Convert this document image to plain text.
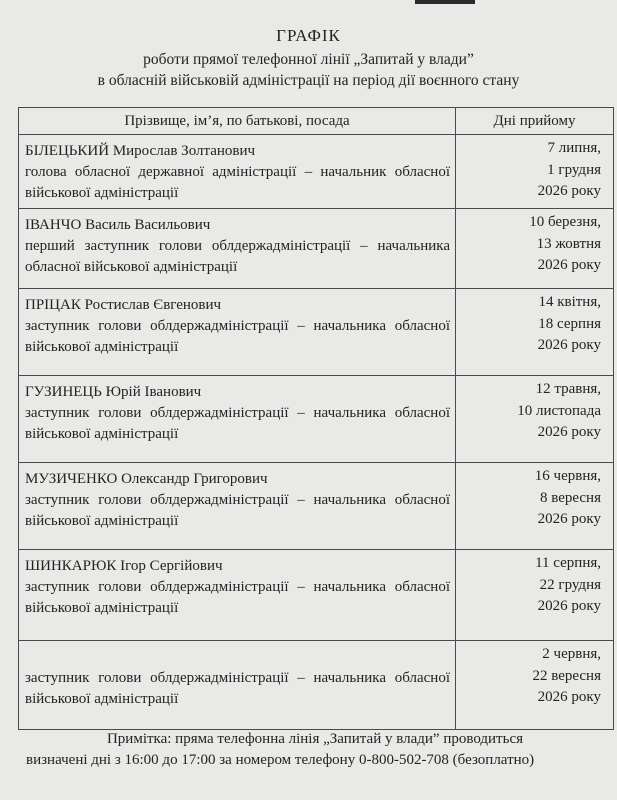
ГРАФІК
роботи прямої телефонної лінії „Запитай у влади”
в обласній військовій адміністрації на період дії воєнного стану
Прізвище, ім’я, по батькові, посада	Дні прийому

БІЛЕЦЬКИЙ Мирослав Золтанович
голова обласної державної адміністрації – начальник обласної військової адміністрації	7 липня,
1 грудня
2026 року

ІВАНЧО Василь Васильович
перший заступник голови облдержадміністрації – начальника обласної військової адміністрації	10 березня,
13 жовтня
2026 року

ПРІЦАК Ростислав Євгенович
заступник голови облдержадміністрації – начальника обласної військової адміністрації	14 квітня,
18 серпня
2026 року

ГУЗИНЕЦЬ Юрій Іванович
заступник голови облдержадміністрації – начальника обласної військової адміністрації	12 травня,
10 листопада
2026 року

МУЗИЧЕНКО Олександр Григорович
заступник голови облдержадміністрації – начальника обласної військової адміністрації	16 червня,
8 вересня
2026 року

ШИНКАРЮК Ігор Сергійович
заступник голови облдержадміністрації – начальника обласної військової адміністрації	11 серпня,
22 грудня
2026 року

заступник голови облдержадміністрації – начальника обласної військової адміністрації	2 червня,
22 вересня
2026 року
Примітка: пряма телефонна лінія „Запитай у влади” проводиться
визначені дні з 16:00 до 17:00 за номером телефону 0-800-502-708 (безоплатно)
